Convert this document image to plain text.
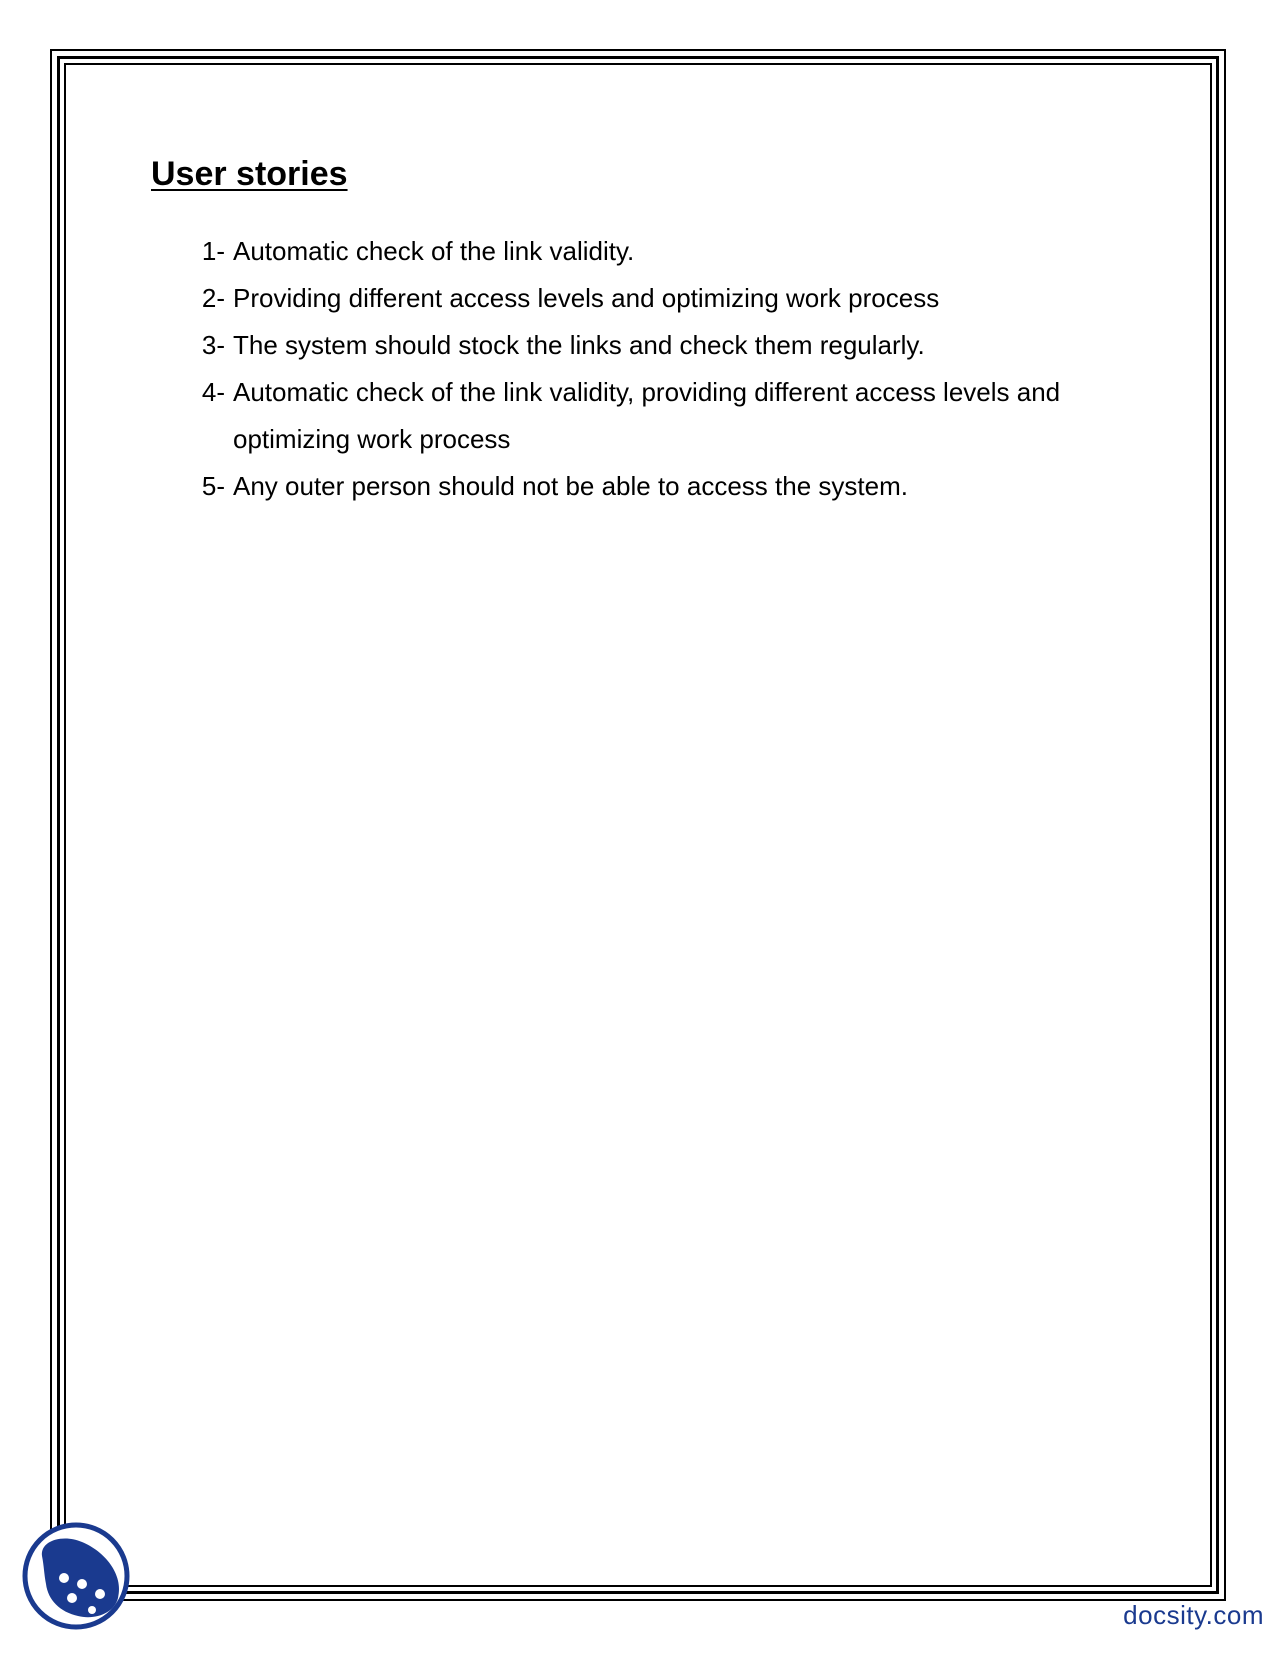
User stories
1- Automatic check of the link validity.
2- Providing different access levels and optimizing work process
3- The system should stock the links and check them regularly.
4- Automatic check of the link validity, providing different access levels and optimizing work process
5- Any outer person should not be able to access the system.
docsity.com
